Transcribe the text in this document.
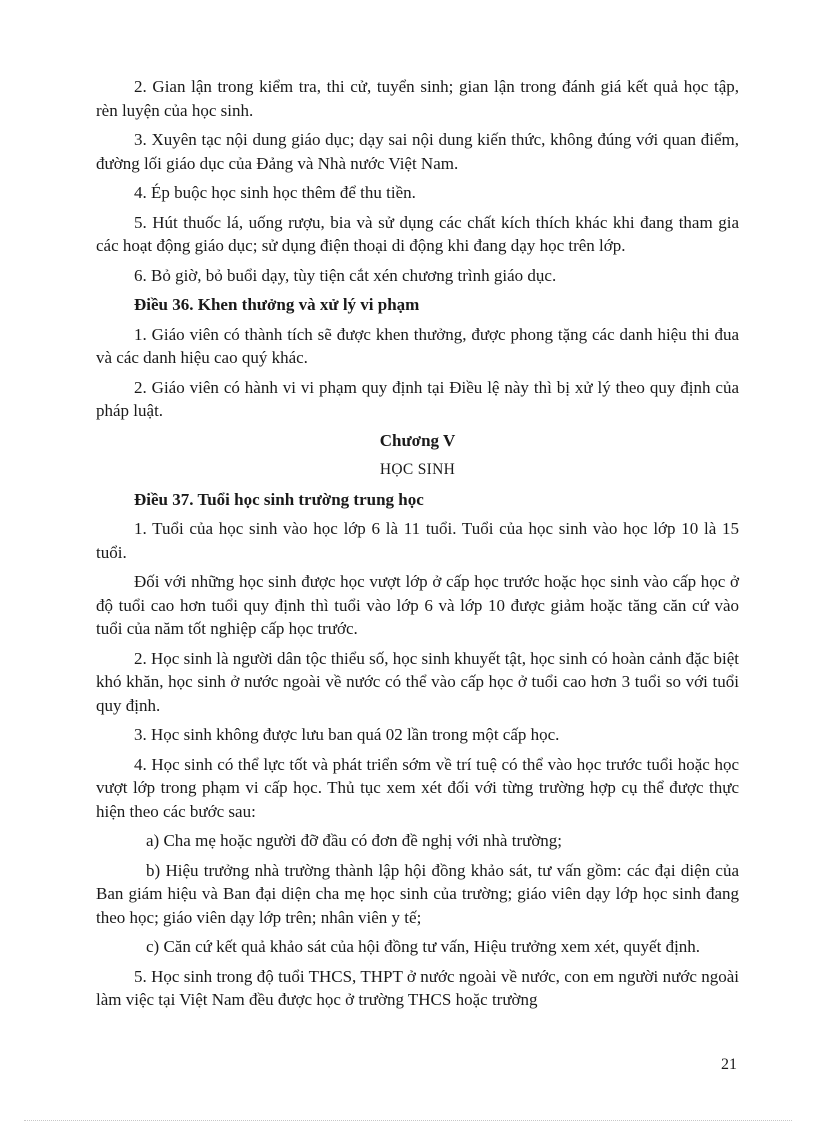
2. Gian lận trong kiểm tra, thi cử, tuyển sinh; gian lận trong đánh giá kết quả học tập, rèn luyện của học sinh.

3. Xuyên tạc nội dung giáo dục; dạy sai nội dung kiến thức, không đúng với quan điểm, đường lối giáo dục của Đảng và Nhà nước Việt Nam.

4. Ép buộc học sinh học thêm để thu tiền.

5. Hút thuốc lá, uống rượu, bia và sử dụng các chất kích thích khác khi đang tham gia các hoạt động giáo dục; sử dụng điện thoại di động khi đang dạy học trên lớp.

6. Bỏ giờ, bỏ buổi dạy, tùy tiện cắt xén chương trình giáo dục.

Điều 36. Khen thưởng và xử lý vi phạm

1. Giáo viên có thành tích sẽ được khen thưởng, được phong tặng các danh hiệu thi đua và các danh hiệu cao quý khác.

2. Giáo viên có hành vi vi phạm quy định tại Điều lệ này thì bị xử lý theo quy định của pháp luật.

Chương V

HỌC SINH

Điều 37. Tuổi học sinh trường trung học

1. Tuổi của học sinh vào học lớp 6 là 11 tuổi. Tuổi của học sinh vào học lớp 10 là 15 tuổi.

Đối với những học sinh được học vượt lớp ở cấp học trước hoặc học sinh vào cấp học ở độ tuổi cao hơn tuổi quy định thì tuổi vào lớp 6 và lớp 10 được giảm hoặc tăng căn cứ vào tuổi của năm tốt nghiệp cấp học trước.

2. Học sinh là người dân tộc thiểu số, học sinh khuyết tật, học sinh có hoàn cảnh đặc biệt khó khăn, học sinh ở nước ngoài về nước có thể vào cấp học ở tuổi cao hơn 3 tuổi so với tuổi quy định.

3. Học sinh không được lưu ban quá 02 lần trong một cấp học.

4. Học sinh có thể lực tốt và phát triển sớm về trí tuệ có thể vào học trước tuổi hoặc học vượt lớp trong phạm vi cấp học. Thủ tục xem xét đối với từng trường hợp cụ thể được thực hiện theo các bước sau:

a) Cha mẹ hoặc người đỡ đầu có đơn đề nghị với nhà trường;

b) Hiệu trưởng nhà trường thành lập hội đồng khảo sát, tư vấn gồm: các đại diện của Ban giám hiệu và Ban đại diện cha mẹ học sinh của trường; giáo viên dạy lớp học sinh đang theo học; giáo viên dạy lớp trên; nhân viên y tế;

c) Căn cứ kết quả khảo sát của hội đồng tư vấn, Hiệu trưởng xem xét, quyết định.

5. Học sinh trong độ tuổi THCS, THPT ở nước ngoài về nước, con em người nước ngoài làm việc tại Việt Nam đều được học ở trường THCS hoặc trường

21
